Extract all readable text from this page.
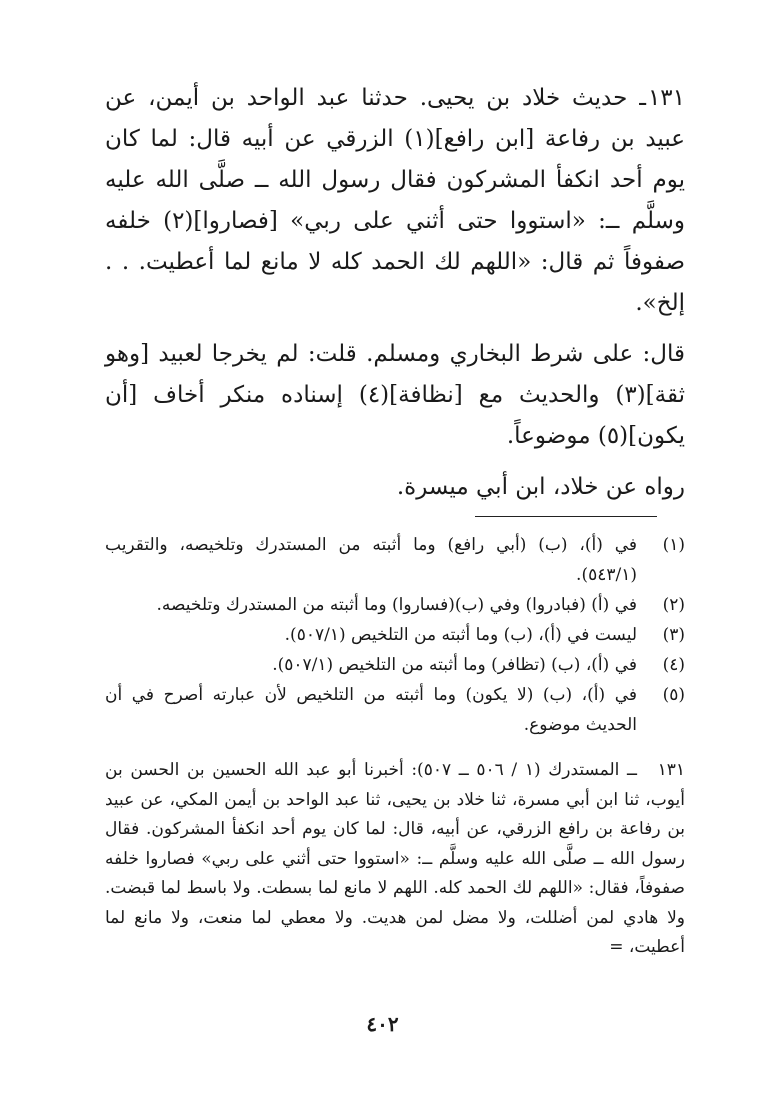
١٣١ـ حديث خلاد بن يحيى. حدثنا عبد الواحد بن أيمن، عن عبيد بن رفاعة [ابن رافع](١) الزرقي عن أبيه قال: لما كان يوم أحد انكفأ المشركون فقال رسول الله ــ صلَّى الله عليه وسلَّم ــ: «استووا حتى أثني على ربي» [فصاروا](٢) خلفه صفوفاً ثم قال: «اللهم لك الحمد كله لا مانع لما أعطيت. . . إلخ».

قال: على شرط البخاري ومسلم. قلت: لم يخرجا لعبيد [وهو ثقة](٣) والحديث مع [نظافة](٤) إسناده منكر أخاف [أن يكون](٥) موضوعاً.

رواه عن خلاد، ابن أبي ميسرة.

(١)
في (أ)، (ب) (أبي رافع) وما أثبته من المستدرك وتلخيصه، والتقريب (٥٤٣/١).
(٢)
في (أ) (فبادروا) وفي (ب)(فساروا) وما أثبته من المستدرك وتلخيصه.
(٣)
ليست في (أ)، (ب) وما أثبته من التلخيص (٥٠٧/١).
(٤)
في (أ)، (ب) (تظافر) وما أثبته من التلخيص (٥٠٧/١).
(٥)
في (أ)، (ب) (لا يكون) وما أثبته من التلخيص لأن عبارته أصرح في أن الحديث موضوع.
١٣١
ــ المستدرك (١ / ٥٠٦ ــ ٥٠٧): أخبرنا أبو عبد الله الحسين بن الحسن بن أيوب، ثنا ابن أبي مسرة، ثنا خلاد بن يحيى، ثنا عبد الواحد بن أيمن المكي، عن عبيد بن رفاعة بن رافع الزرقي، عن أبيه، قال: لما كان يوم أحد انكفأ المشركون. فقال رسول الله ــ صلَّى الله عليه وسلَّم ــ: «استووا حتى أثني على ربي» فصاروا خلفه صفوفاً، فقال: «اللهم لك الحمد كله. اللهم لا مانع لما بسطت. ولا باسط لما قبضت. ولا هادي لمن أضللت، ولا مضل لمن هديت. ولا معطي لما منعت، ولا مانع لما أعطيت، =
٤٠٢
